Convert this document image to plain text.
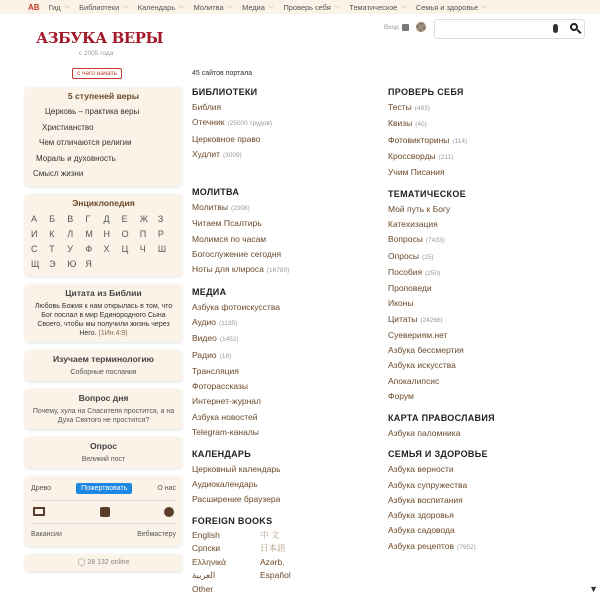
АВ Гид ⌵ Библиотеки ⌵ Календарь ⌵ Молитва ⌵ Медиа ⌵ Проверь себя ⌵ Тематическое ⌵ Семья и здоровье ⌵
АЗБУКА ВЕРЫ
с 2005 года
с чего начать
Вход
5 ступеней веры
Церковь – практика веры
Христианство
Чем отличаются религии
Мораль и духовность
Смысл жизни
Энциклопедия
А	Б	В	Г	Д	Е	Ж	З
И	К	Л	М	Н	О	П	Р
С	Т	У	Ф	Х	Ц	Ч	Ш
Щ	Э	Ю	Я
Цитата из Библии

Любовь Божия к нам открылась в том, что Бог послал в мир Единородного Сына Своего, чтобы мы получили жизнь через Него. (1Ин.4:9)

Изучаем терминологию
Соборные послания
Вопрос дня
Почему, хула на Спасителя простится, а на Духа Святого не простится?
Опрос
Великий пост
Древо	Пожертвовать	О нас
Вакансии	Вебмастеру
◯ 28 132 online
45 сайтов портала
БИБЛИОТЕКИ
Библия
Отечник (25000 трудов)
Церковное право
Худлит (3009)
МОЛИТВА
Молитвы (2008)
Читаем Псалтирь
Молимся по часам
Богослужение сегодня
Ноты для клироса (16780)
МЕДИА
Азбука фотоискусства
Аудио (1135)
Видео (1452)
Радио (18)
Трансляция
Фоторассказы
Интернет-журнал
Азбука новостей
Telegram-каналы
КАЛЕНДАРЬ
Церковный календарь
Аудиокалендарь
Расширение браузера
FOREIGN BOOKS
English	中 文
Српски	日本語
Ελληνικά	Azərb.
العربية	Español
Other
ПРОВЕРЬ СЕБЯ
Тесты (483)
Квизы (40)
Фотовикторины (114)
Кроссворды (211)
Учим Писания
ТЕМАТИЧЕСКОЕ
Мой путь к Богу
Катехизация
Вопросы (7433)
Опросы (25)
Пособия (250)
Проповеди
Иконы
Цитаты (24266)
Суевериям.нет
Азбука бессмертия
Азбука искусства
Апокалипсис
Форум
КАРТА ПРАВОСЛАВИЯ
Азбука паломника
СЕМЬЯ И ЗДОРОВЬЕ
Азбука верности
Азбука супружества
Азбука воспитания
Азбука здоровья
Азбука садовода
Азбука рецептов (7952)
▼
